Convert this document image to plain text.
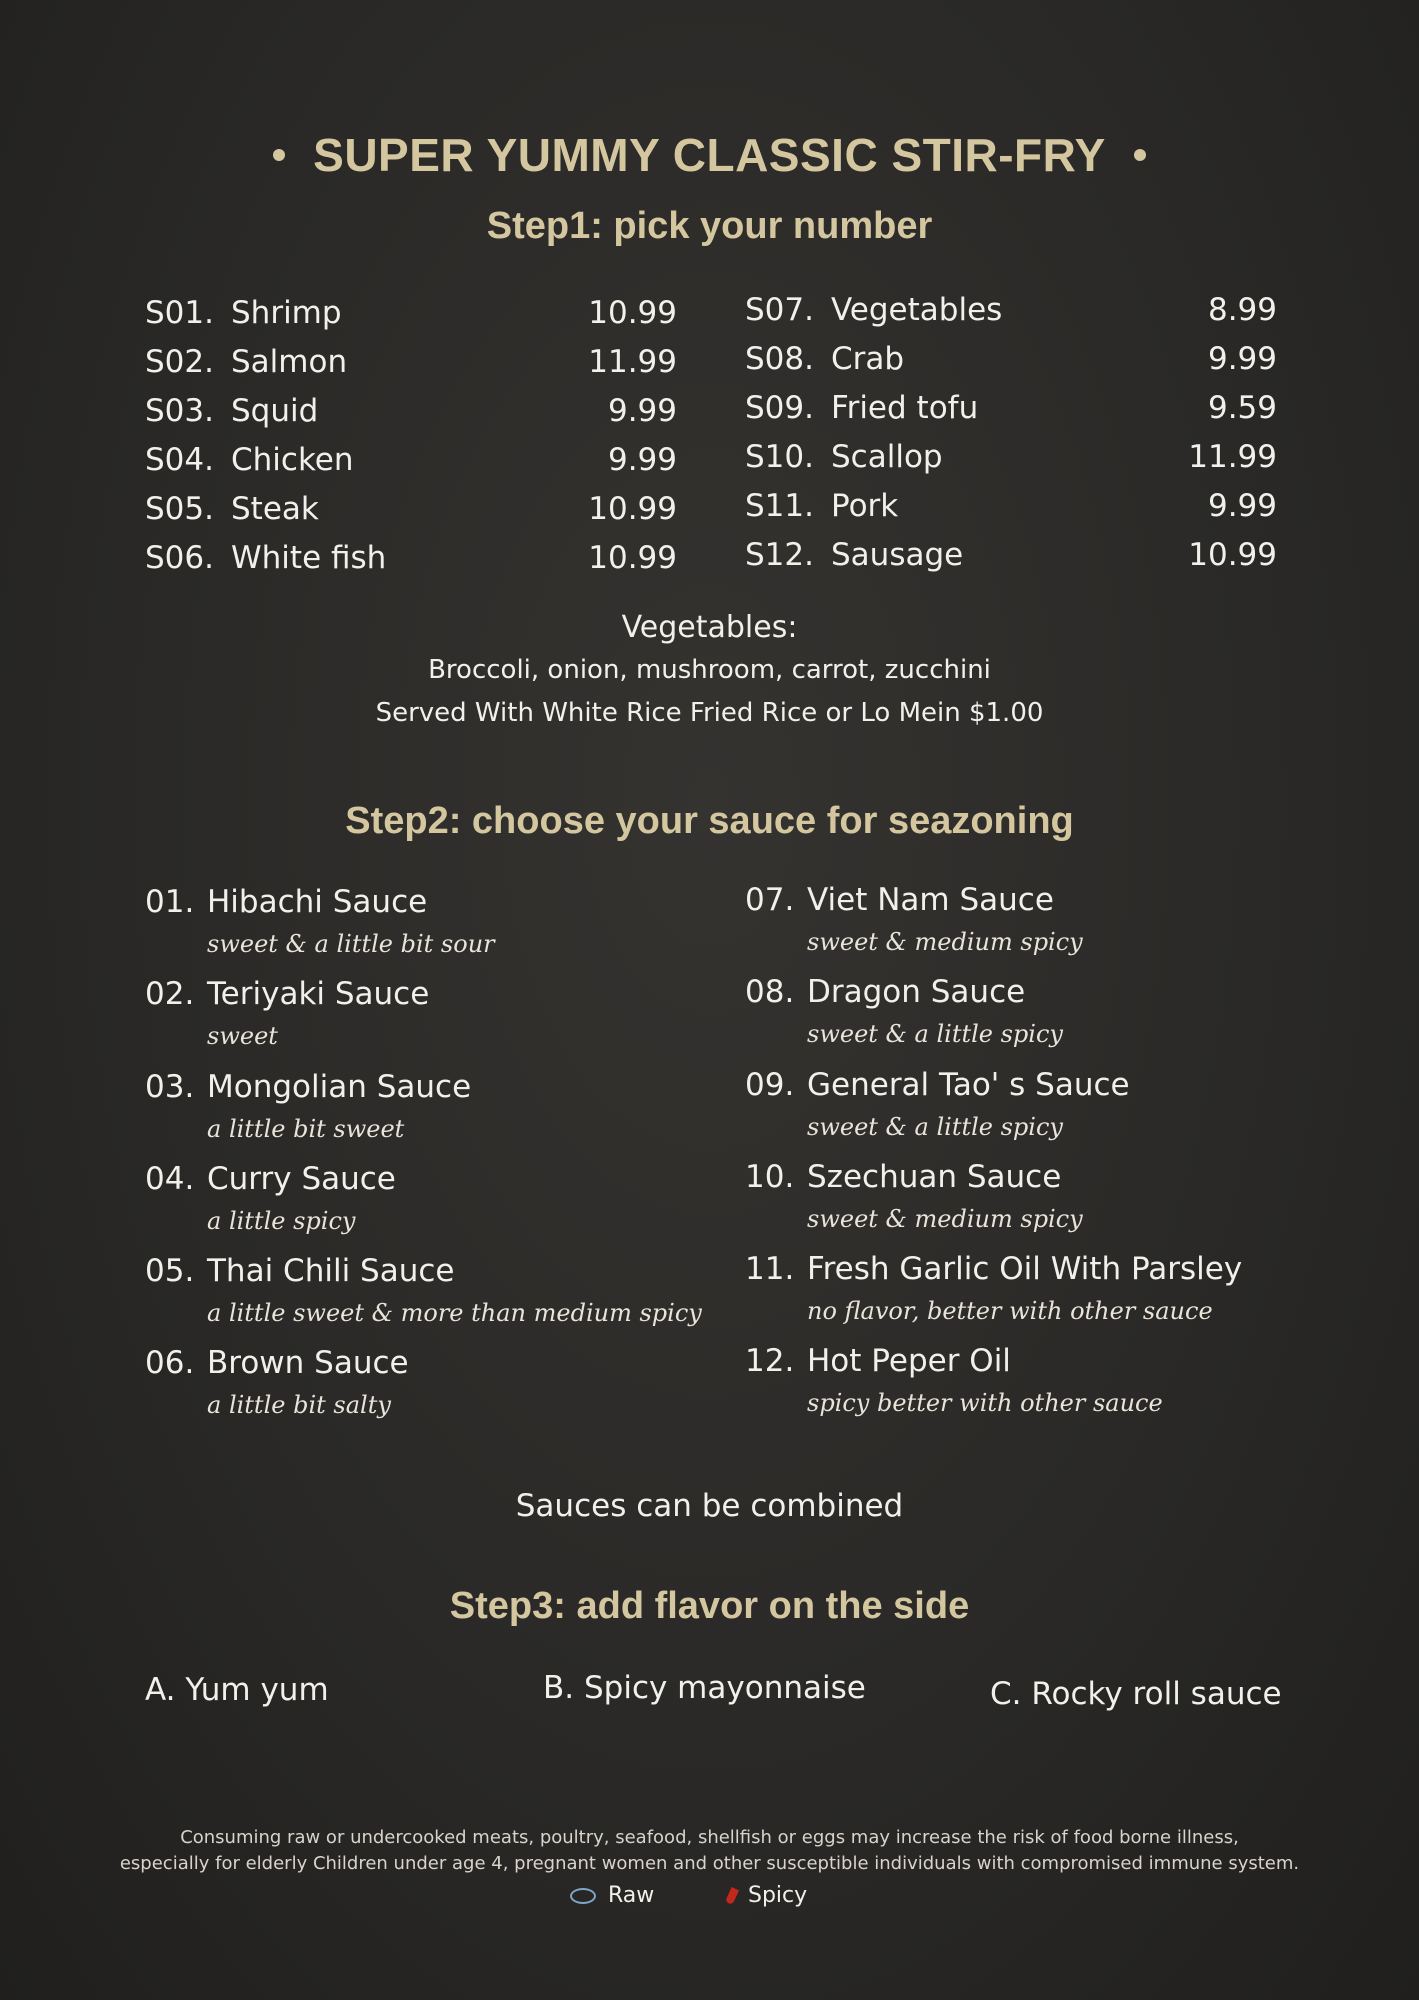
SUPER YUMMY CLASSIC STIR-FRY
Step1: pick your number
S01. Shrimp	10.99
S02. Salmon	11.99
S03. Squid	9.99
S04. Chicken	9.99
S05. Steak	10.99
S06. White fish	10.99
S07. Vegetables	8.99
S08. Crab	9.99
S09. Fried tofu	9.59
S10. Scallop	11.99
S11. Pork	9.99
S12. Sausage	10.99
Vegetables:
Broccoli, onion, mushroom, carrot, zucchini
Served With White Rice Fried Rice or Lo Mein $1.00
Step2: choose your sauce for seazoning
01. Hibachi Sauce
sweet & a little bit sour
02. Teriyaki Sauce
sweet
03. Mongolian Sauce
a little bit sweet
04. Curry Sauce
a little spicy
05. Thai Chili Sauce
a little sweet & more than medium spicy
06. Brown Sauce
a little bit salty
07. Viet Nam Sauce
sweet & medium spicy
08. Dragon Sauce
sweet & a little spicy
09. General Tao' s Sauce
sweet & a little spicy
10. Szechuan Sauce
sweet & medium spicy
11. Fresh Garlic Oil With Parsley
no flavor, better with other sauce
12. Hot Peper Oil
spicy better with other sauce
Sauces can be combined
Step3: add flavor on the side
A. Yum yum	B. Spicy mayonnaise	C. Rocky roll sauce
Consuming raw or undercooked meats, poultry, seafood, shellfish or eggs may increase the risk of food borne illness,
especially for elderly Children under age 4, pregnant women and other susceptible individuals with compromised immune system.
Raw	Spicy
